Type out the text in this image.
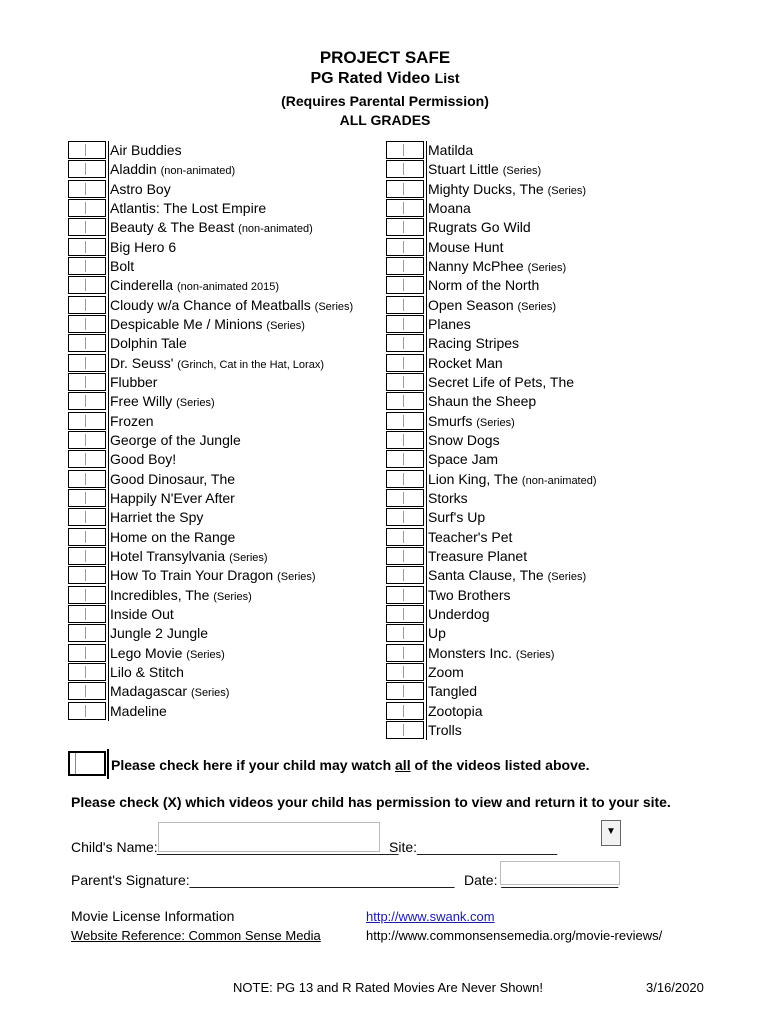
PROJECT SAFE
PG Rated Video List
(Requires Parental Permission)
ALL GRADES
Air Buddies
Aladdin (non-animated)
Astro Boy
Atlantis: The Lost Empire
Beauty & The Beast (non-animated)
Big Hero 6
Bolt
Cinderella (non-animated 2015)
Cloudy w/a Chance of Meatballs (Series)
Despicable Me / Minions (Series)
Dolphin Tale
Dr. Seuss' (Grinch, Cat in the Hat, Lorax)
Flubber
Free Willy (Series)
Frozen
George of the Jungle
Good Boy!
Good Dinosaur, The
Happily N'Ever After
Harriet the Spy
Home on the Range
Hotel Transylvania (Series)
How To Train Your Dragon (Series)
Incredibles, The (Series)
Inside Out
Jungle 2 Jungle
Lego Movie (Series)
Lilo & Stitch
Madagascar (Series)
Madeline
Matilda
Stuart Little (Series)
Mighty Ducks, The (Series)
Moana
Rugrats Go Wild
Mouse Hunt
Nanny McPhee (Series)
Norm of the North
Open Season (Series)
Planes
Racing Stripes
Rocket Man
Secret Life of Pets, The
Shaun the Sheep
Smurfs (Series)
Snow Dogs
Space Jam
Lion King, The (non-animated)
Storks
Surf's Up
Teacher's Pet
Treasure Planet
Santa Clause, The (Series)
Two Brothers
Underdog
Up
Monsters Inc. (Series)
Zoom
Tangled
Zootopia
Trolls
Please check here if your child may watch all of the videos listed above.
Please check (X) which videos your child has permission to view and return it to your site.
Child's Name: _______________________________
Site:__________________
▼
Parent's Signature:__________________________________ Date: _______________
Movie License Information	http://www.swank.com
Website Reference: Common Sense Media	http://www.commonsensemedia.org/movie-reviews/
NOTE: PG 13 and R Rated Movies Are Never Shown!	3/16/2020
